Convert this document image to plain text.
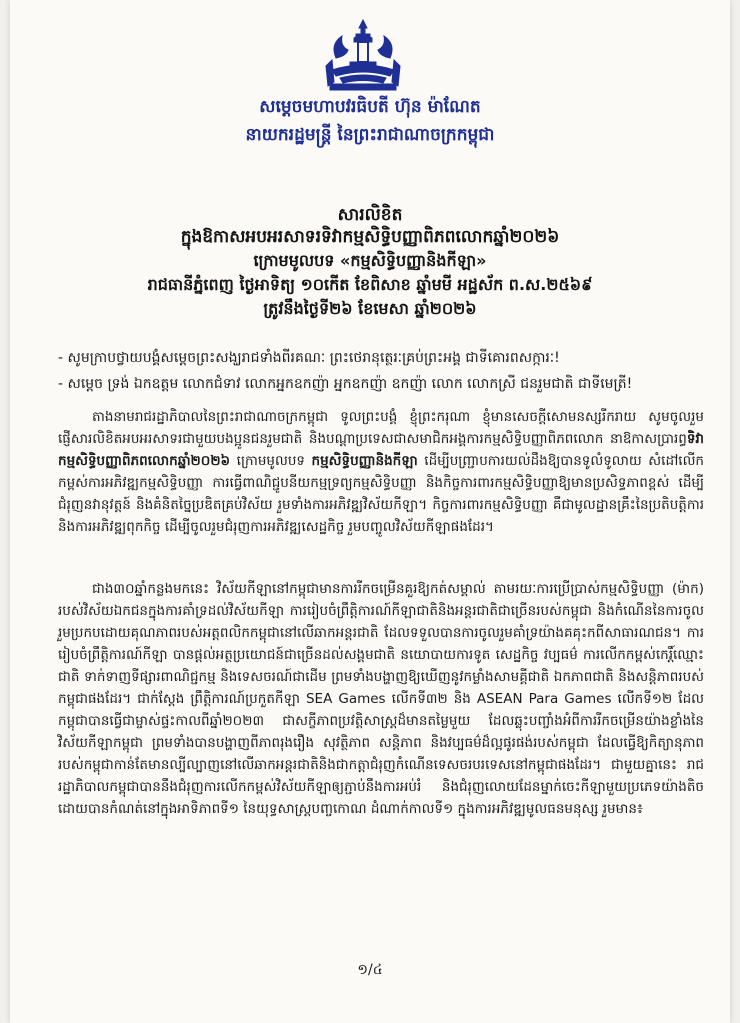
សម្ដេចមហាបវរធិបតី ហ៊ុន ម៉ាណែត
នាយករដ្ឋមន្ត្រី នៃព្រះរាជាណាចក្រកម្ពុជា
សារលិខិត
ក្នុងឱកាសអបអរសាទរទិវាកម្មសិទ្ធិបញ្ញាពិភពលោកឆ្នាំ២០២៦
ក្រោមមូលបទ «កម្មសិទ្ធិបញ្ញានិងកីឡា»
រាជធានីភ្នំពេញ ថ្ងៃអាទិត្យ ១០កើត ខែពិសាខ ឆ្នាំមមី អដ្ឋស័ក ព.ស.២៥៦៩
ត្រូវនឹងថ្ងៃទី២៦ ខែមេសា ឆ្នាំ២០២៦
- សូមក្រាបថ្វាយបង្គំសម្ដេចព្រះសង្ឃរាជទាំងពីរគណៈ ព្រះថេរានុត្ថេរៈគ្រប់ព្រះអង្គ ជាទីគោរពសក្ការៈ!
- សម្ដេច ទ្រង់ ឯកឧត្តម លោកជំទាវ លោកអ្នកឧកញ៉ា អ្នកឧកញ៉ា ឧកញ៉ា លោក លោកស្រី ជនរួមជាតិ ជាទីមេត្រី!
តាងនាមរាជរដ្ឋាភិបាលនៃព្រះរាជាណាចក្រកម្ពុជា ទូលព្រះបង្គំ ខ្ញុំព្រះករុណា ខ្ញុំមានសេចក្ដីសោមនស្សរីករាយ សូមចូលរួមផ្ញើសារលិខិតអបអរសាទរជាមួយបងប្អូនជនរួមជាតិ និងបណ្ដាប្រទេសជាសមាជិកអង្គការកម្មសិទ្ធិបញ្ញាពិភពលោក នាឱកាសប្រារព្ធទិវាកម្មសិទ្ធិបញ្ញាពិភពលោកឆ្នាំ២០២៦ ក្រោមមូលបទ កម្មសិទ្ធិបញ្ញានិងកីឡា ដើម្បីបញ្ជ្រាបការយល់ដឹងឱ្យបានទូលំទូលាយ សំដៅលើកកម្ពស់ការអភិវឌ្ឍកម្មសិទ្ធិបញ្ញា ការធ្វើពាណិជ្ជូបនីយកម្មទ្រព្យកម្មសិទ្ធិបញ្ញា និងកិច្ចការពារកម្មសិទ្ធិបញ្ញាឱ្យមានប្រសិទ្ធភាពខ្ពស់ ដើម្បីជំរុញនវានុវត្តន៍ និងគំនិតច្នៃប្រឌិតគ្រប់វិស័យ រួមទាំងការអភិវឌ្ឍវិស័យកីឡា។ កិច្ចការពារកម្មសិទ្ធិបញ្ញា គឺជាមូលដ្ឋានគ្រឹះនៃប្រតិបត្តិការនិងការអភិវឌ្ឍពុកកិច្ច ដើម្បីចូលរួមជំរុញការអភិវឌ្ឍសេដ្ឋកិច្ច រួមបញ្ចូលវិស័យកីឡាផងដែរ។
ជាង៣០ឆ្នាំកន្លងមកនេះ វិស័យកីឡានៅកម្ពុជាមានការរីកចម្រើនគួរឱ្យកត់សម្គាល់ តាមរយៈការប្រើប្រាស់កម្មសិទ្ធិបញ្ញា (ម៉ាក) របស់វិស័យឯកជនក្នុងការគាំទ្រដល់វិស័យកីឡា ការរៀបចំព្រឹត្តិការណ៍កីឡាជាតិនិងអន្តរជាតិជាច្រើនរបស់កម្ពុជា និងកំណើននៃការចូលរួមប្រកបដោយគុណភាពរបស់អត្តពលិកកម្ពុជានៅលើឆាកអន្តរជាតិ ដែលទទួលបានការចូលរួមគាំទ្រយ៉ាងគគុះកពីសាធារណជន។ ការរៀបចំព្រឹត្តិការណ៍កីឡា បានផ្ដល់អត្ថប្រយោជន៍ជាច្រើនដល់សង្គមជាតិ នយោបាយការទូត សេដ្ឋកិច្ច វប្បធម៌ ការលើកកម្ពស់កេរ្តិ៍ឈ្មោះជាតិ ទាក់ទាញទីផ្សារពាណិជ្ជកម្ម និងទេសចរណ៍ជាដើម ព្រមទាំងបង្ហាញឱ្យឃើញនូវកម្លាំងសាមគ្គីជាតិ ឯកភាពជាតិ និងសន្តិភាពរបស់កម្ពុជាផងដែរ។ ជាក់ស្ដែង ព្រឹត្តិការណ៍ប្រកួតកីឡា SEA Games លើកទី៣២ និង ASEAN Para Games លើកទី១២ ដែលកម្ពុជាបានធ្វើជាម្ចាស់ផ្ទះកាលពីឆ្នាំ២០២៣ ជាសក្ខីភាពប្រវត្តិសាស្ត្រដ៏មានតម្លៃមួយ ដែលឆ្លុះបញ្ចាំងអំពីការរីកចម្រើនយ៉ាងខ្លាំងនៃវិស័យកីឡាកម្ពុជា ព្រមទាំងបានបង្ហាញពីភាពរុងរឿង សុវត្ថិភាព សន្តិភាព និងវប្បធម៌ដ៏ល្អផូរផង់របស់កម្ពុជា ដែលធ្វើឱ្យកិត្យានុភាពរបស់កម្ពុជាកាន់តែមានល្បីល្បាញនៅលើឆាកអន្តរជាតិនិងជាកត្តាជំរុញកំណើនទេសចរបរទេសនៅកម្ពុជាផងដែរ។ ជាមួយគ្នានេះ រាជរដ្ឋាភិបាលកម្ពុជាបាននឹងជំរុញការលើកកម្ពស់វិស័យកីឡាឲ្យភ្ជាប់នឹងការអប់រំ និងជំរុញលោយដែនម្នាក់ចេះកីឡាមួយប្រភេទយ៉ាងតិច ដោយបានកំណត់នៅក្នុងអាទិភាពទី១ នៃយុទ្ធសាស្ត្របញ្ចកោណ ដំណាក់កាលទី១ ក្នុងការអភិវឌ្ឍមូលធនមនុស្ស រួមមាន៖
១/៤
